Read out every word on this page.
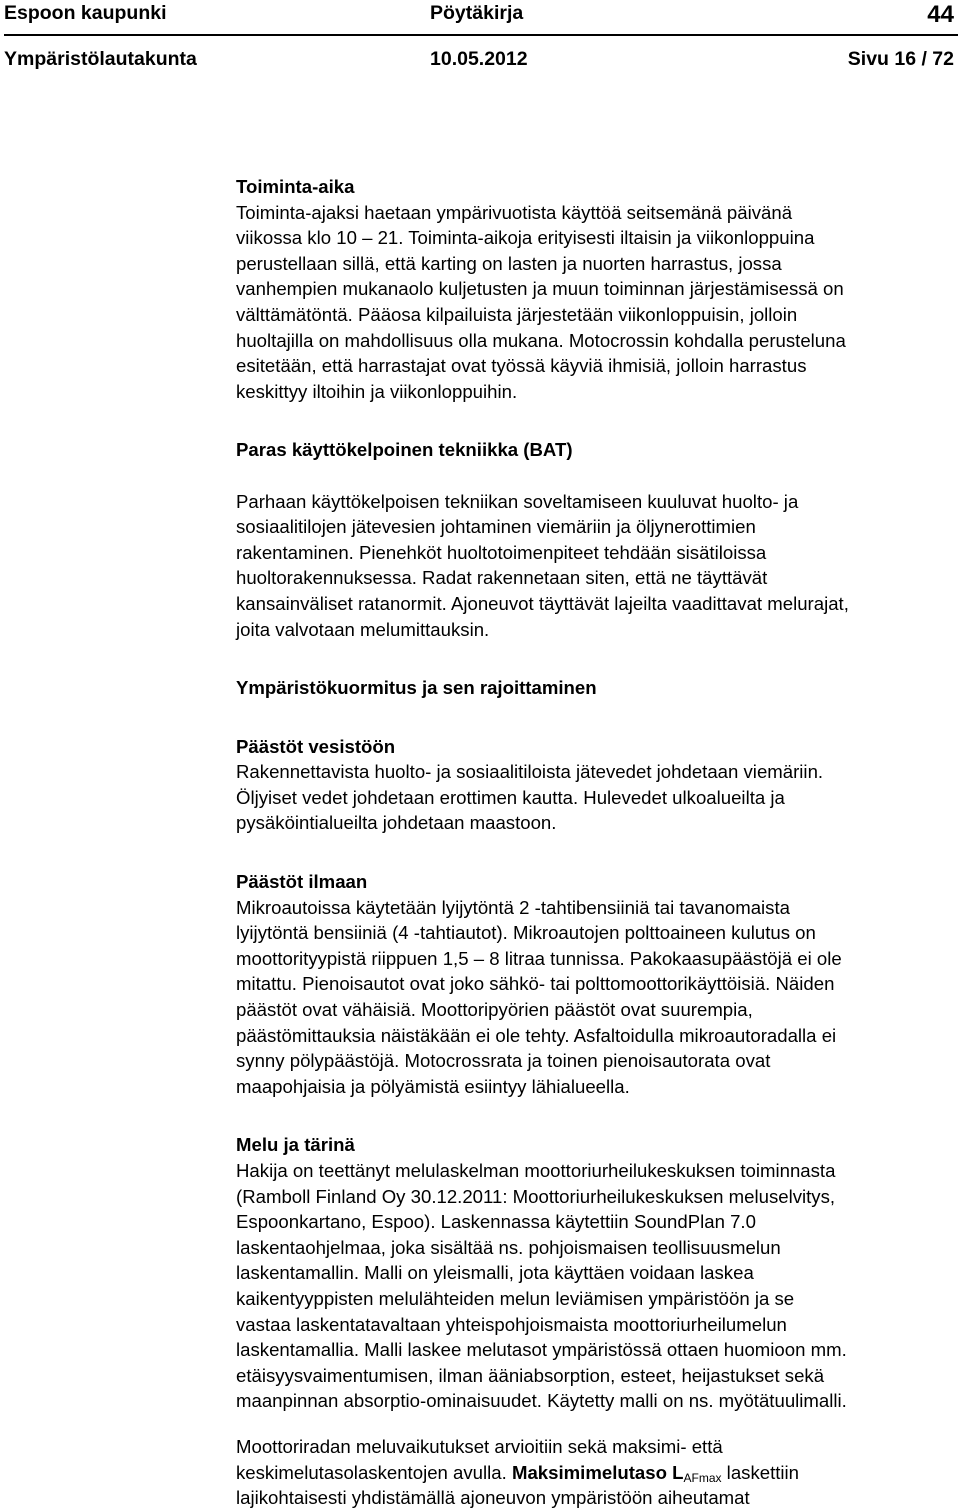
Espoon kaupunki	Pöytäkirja	44
Ympäristölautakunta	10.05.2012	Sivu 16 / 72

Toiminta-aika

Toiminta-ajaksi haetaan ympärivuotista käyttöä seitsemänä päivänä

viikossa klo 10 – 21. Toiminta-aikoja erityisesti iltaisin ja viikonloppuina

perustellaan sillä, että karting on lasten ja nuorten harrastus, jossa

vanhempien mukanaolo kuljetusten ja muun toiminnan järjestämisessä on

välttämätöntä. Pääosa kilpailuista järjestetään viikonloppuisin, jolloin

huoltajilla on mahdollisuus olla mukana. Motocrossin kohdalla perusteluna

esitetään, että harrastajat ovat työssä käyviä ihmisiä, jolloin harrastus

keskittyy iltoihin ja viikonloppuihin.

Paras käyttökelpoinen tekniikka (BAT)

Parhaan käyttökelpoisen tekniikan soveltamiseen kuuluvat huolto- ja

sosiaalitilojen jätevesien johtaminen viemäriin ja öljynerottimien

rakentaminen. Pienehköt huoltotoimenpiteet tehdään sisätiloissa

huoltorakennuksessa. Radat rakennetaan siten, että ne täyttävät

kansainväliset ratanormit. Ajoneuvot täyttävät lajeilta vaadittavat melurajat,

joita valvotaan melumittauksin.

Ympäristökuormitus ja sen rajoittaminen

Päästöt vesistöön

Rakennettavista huolto- ja sosiaalitiloista jätevedet johdetaan viemäriin.

Öljyiset vedet johdetaan erottimen kautta. Hulevedet ulkoalueilta ja

pysäköintialueilta johdetaan maastoon.

Päästöt ilmaan

Mikroautoissa käytetään lyijytöntä 2 -tahtibensiiniä tai tavanomaista

lyijytöntä bensiiniä (4 -tahtiautot). Mikroautojen polttoaineen kulutus on

moottorityypistä riippuen 1,5 – 8 litraa tunnissa. Pakokaasupäästöjä ei ole

mitattu. Pienoisautot ovat joko sähkö- tai polttomoottorikäyttöisiä. Näiden

päästöt ovat vähäisiä. Moottoripyörien päästöt ovat suurempia,

päästömittauksia näistäkään ei ole tehty. Asfaltoidulla mikroautoradalla ei

synny pölypäästöjä. Motocrossrata ja toinen pienoisautorata ovat

maapohjaisia ja pölyämistä esiintyy lähialueella.

Melu ja tärinä

Hakija on teettänyt melulaskelman moottoriurheilukeskuksen toiminnasta

(Ramboll Finland Oy 30.12.2011: Moottoriurheilukeskuksen meluselvitys,

Espoonkartano, Espoo). Laskennassa käytettiin SoundPlan 7.0

laskentaohjelmaa, joka sisältää ns. pohjoismaisen teollisuusmelun

laskentamallin. Malli on yleismalli, jota käyttäen voidaan laskea

kaikentyyppisten melulähteiden melun leviämisen ympäristöön ja se

vastaa laskentatavaltaan yhteispohjoismaista moottoriurheilumelun

laskentamallia. Malli laskee melutasot ympäristössä ottaen huomioon mm.

etäisyysvaimentumisen, ilman ääniabsorption, esteet, heijastukset sekä

maanpinnan absorptio-ominaisuudet. Käytetty malli on ns. myötätuulimalli.

Moottoriradan meluvaikutukset arvioitiin sekä maksimi- että

keskimelutasolaskentojen avulla. Maksimimelutaso $L_{AFmax}$ laskettiin

lajikohtaisesti yhdistämällä ajoneuvon ympäristöön aiheutamat
